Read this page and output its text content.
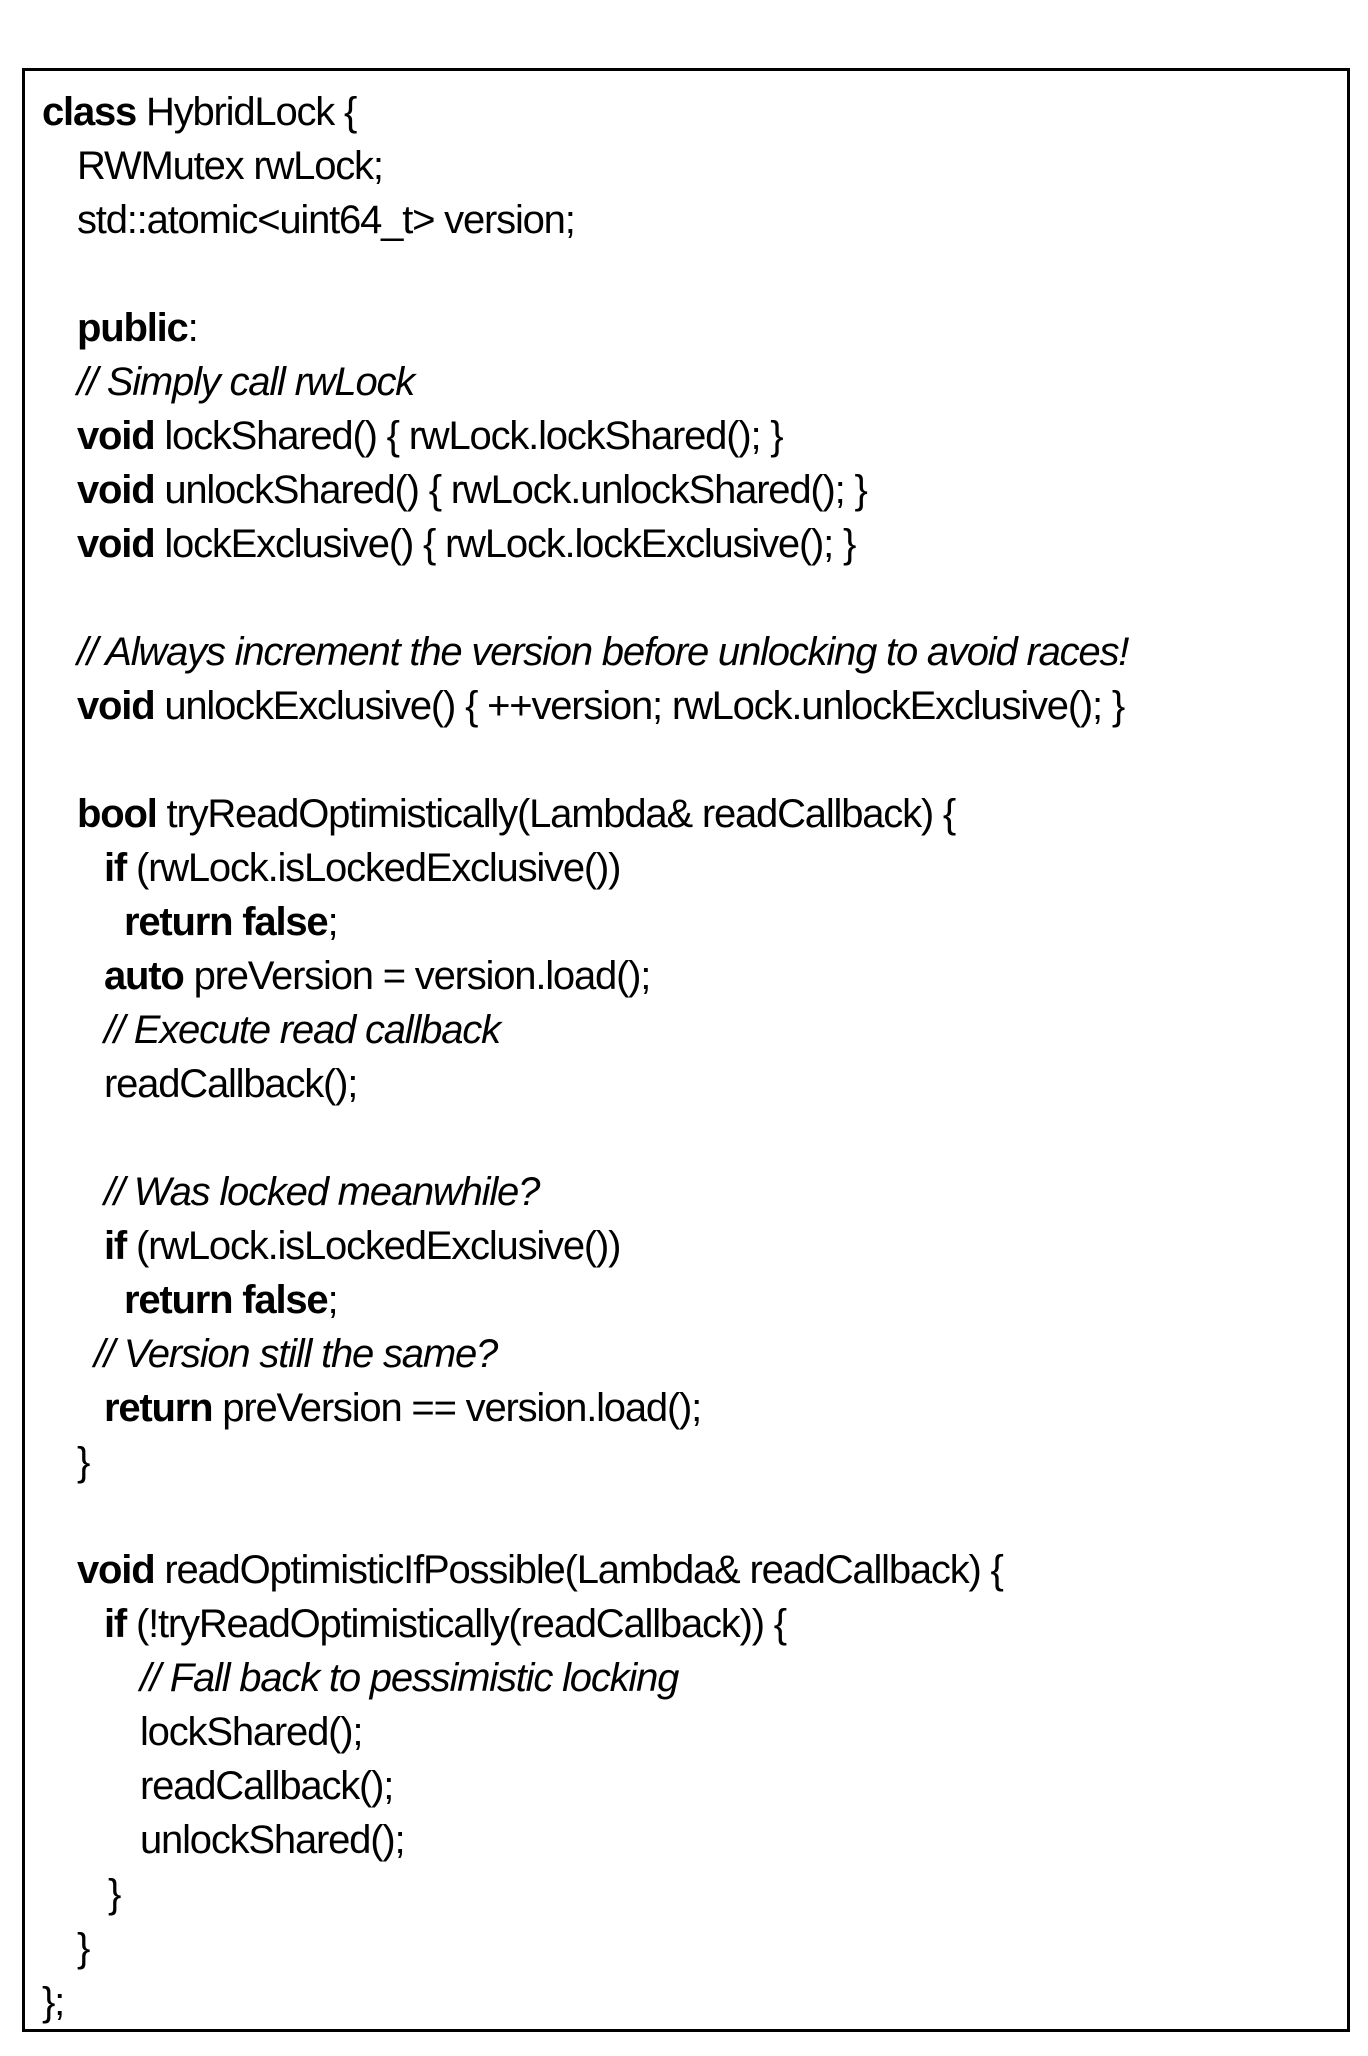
class HybridLock {
RWMutex rwLock;
std::atomic<uint64_t> version;
public:
// Simply call rwLock
void lockShared() { rwLock.lockShared(); }
void unlockShared() { rwLock.unlockShared(); }
void lockExclusive() { rwLock.lockExclusive(); }
// Always increment the version before unlocking to avoid races!
void unlockExclusive() { ++version; rwLock.unlockExclusive(); }
bool tryReadOptimistically(Lambda& readCallback) {
if (rwLock.isLockedExclusive())
return false;
auto preVersion = version.load();
// Execute read callback
readCallback();
// Was locked meanwhile?
if (rwLock.isLockedExclusive())
return false;
// Version still the same?
return preVersion == version.load();
}
void readOptimisticIfPossible(Lambda& readCallback) {
if (!tryReadOptimistically(readCallback)) {
// Fall back to pessimistic locking
lockShared();
readCallback();
unlockShared();
}
}
};
